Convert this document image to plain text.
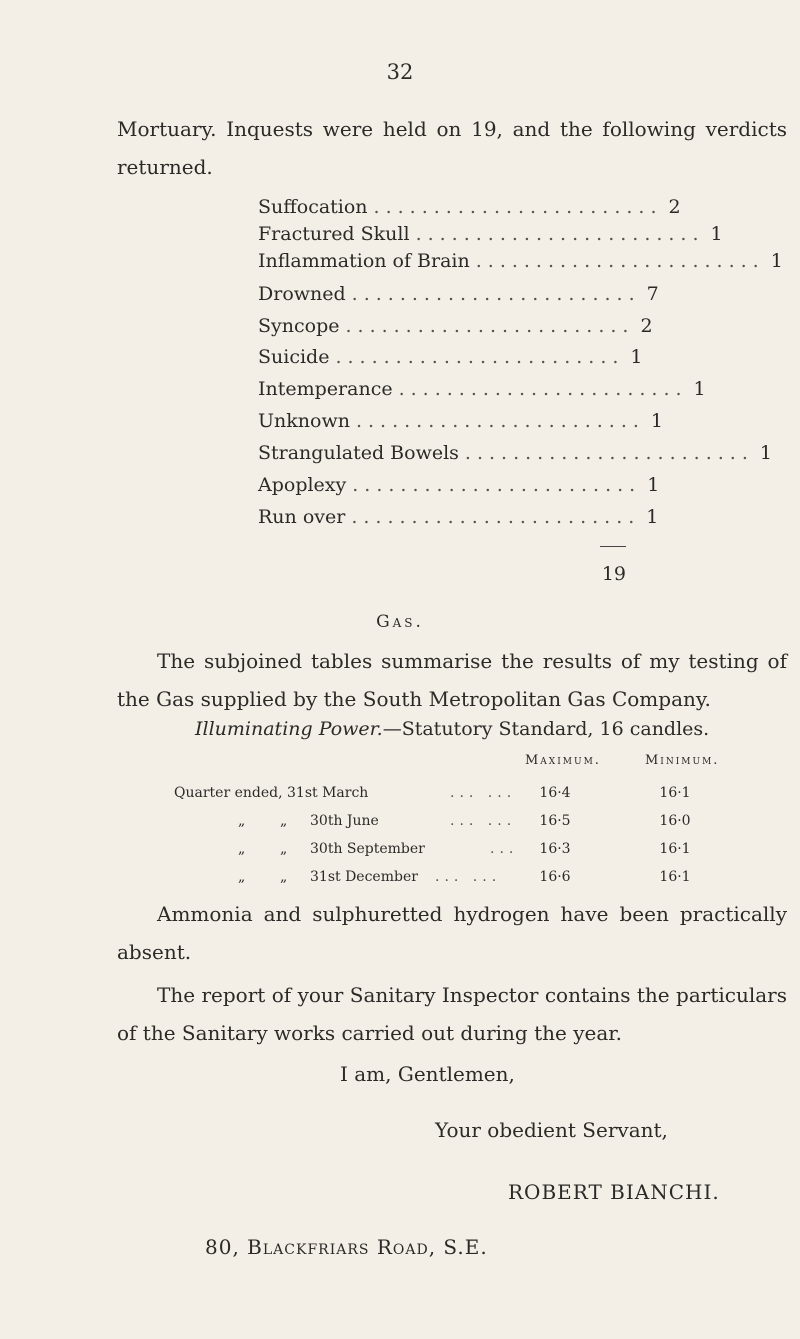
32
Mortuary. Inquests were held on 19, and the following verdicts returned.
Suffocation ........................ 2
Fractured Skull ........................ 1
Inflammation of Brain ........................ 1
Drowned ........................ 7
Syncope ........................ 2
Suicide ........................ 1
Intemperance ........................ 1
Unknown ........................ 1
Strangulated Bowels ........................ 1
Apoplexy ........................ 1
Run over ........................ 1
19
Gas.
The subjoined tables summarise the results of my testing of the Gas supplied by the South Metropolitan Gas Company.
Illuminating Power.—Statutory Standard, 16 candles.
Maximum.	Minimum.
Quarter ended, 31st March	... ...	16·4	16·1
„ „ 30th June	... ...	16·5	16·0
„ „ 30th September	...	16·3	16·1
„ „ 31st December	... ...	16·6	16·1
Ammonia and sulphuretted hydrogen have been practically absent.
The report of your Sanitary Inspector contains the particulars of the Sanitary works carried out during the year.
I am, Gentlemen,
Your obedient Servant,
ROBERT BIANCHI.
80, Blackfriars Road, S.E.
